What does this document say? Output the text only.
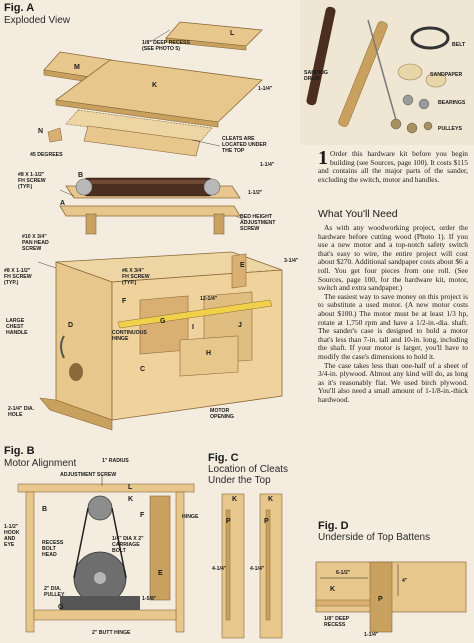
Fig. A
Exploded View
1/8" DEEP RECESS
(SEE PHOTO 5)
1-1/4"
CLEATS ARE
LOCATED UNDER
THE TOP
45 DEGREES
#8 X 1-1/2"
FH SCREW
(TYP.)
1-1/4"
1-1/2"
BED HEIGHT
ADJUSTMENT
SCREW
#10 X 3/4"
PAN HEAD
SCREW
#8 X 1-1/2"
FH SCREW
(TYP.)
#6 X 3/4"
FH SCREW
(TYP.)
3-1/4"
12-1/4"
LARGE
CHEST
HANDLE	CONTINUOUS
HINGE
MOTOR
OPENING
2-1/4" DIA.
HOLE
1" RADIUS
L
M
K
N
B
A
F
G
E
J
D	I
C
H
BELT
SANDING
DRUM
SANDPAPER
BEARINGS
PULLEYS
1 Order this hardware kit before you begin building (see Sources, page 100). It costs $115 and contains all the major parts of the sander, excluding the switch, motor and handles.
What You'll Need

As with any woodworking project, order the hardware before cutting wood (Photo 1). If you use a new motor and a top-notch safety switch that's easy to wire, the entire project will cost about $270. Additional sandpaper costs about $6 a roll. You get four pieces from one roll. (See Sources, page 100, for the hardware kit, motor, switch and extra sandpaper.)

The easiest way to save money on this project is to substitute a used motor. (A new motor costs about $100.) The motor must be at least 1/3 hp, rotate at 1,750 rpm and have a 1/2-in.-dia. shaft. The sander's case is designed to hold a motor that's less than 7-in. tall and 10-in. long, including the shaft. If your motor is larger, you'll have to modify the case's dimensions to hold it.

The case takes less than one-half of a sheet of 3/4-in. plywood. Almost any kind will do, as long as it's reasonably flat. We used birch plywood. You'll also need a small amount of 1-1/8-in.-thick hardwood.

Fig. B
Motor Alignment
ADJUSTMENT SCREW
HINGE
1-1/2"
HOOK
AND
EYE	RECESS
BOLT
HEAD
1/4" DIA X 2"
CARRIAGE
BOLT
2" DIA.
PULLEY
1-5/8"
2" BUTT HINGE
L
K
B
F
E
G
Fig. C
Location of Cleats
Under the Top
K	K
P	P
4-1/4"	4-1/4"
Fig. D
Underside of Top Battens
6-1/2"
4"
1/8" DEEP
RECESS
1-1/4"
K
P
